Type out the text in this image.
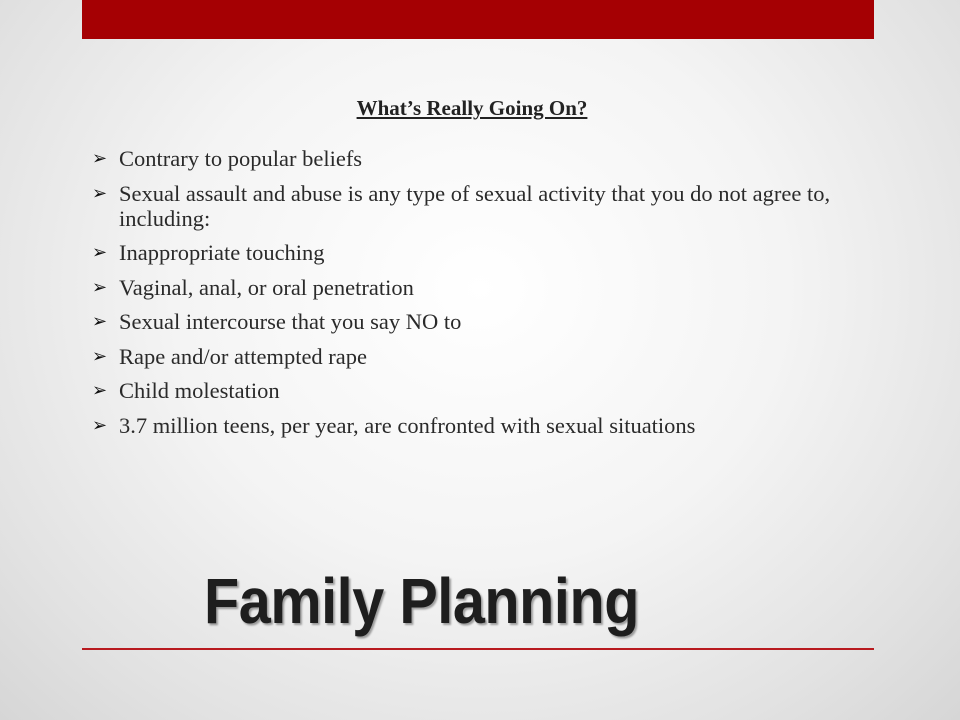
What’s Really Going On?
➢ Contrary to popular beliefs
➢ Sexual assault and abuse is any type of sexual activity that you do not agree to, including:
➢ Inappropriate touching
➢ Vaginal, anal, or oral penetration
➢ Sexual intercourse that you say NO to
➢ Rape and/or attempted rape
➢ Child molestation
➢ 3.7 million teens, per year, are confronted with sexual situations
Family Planning
